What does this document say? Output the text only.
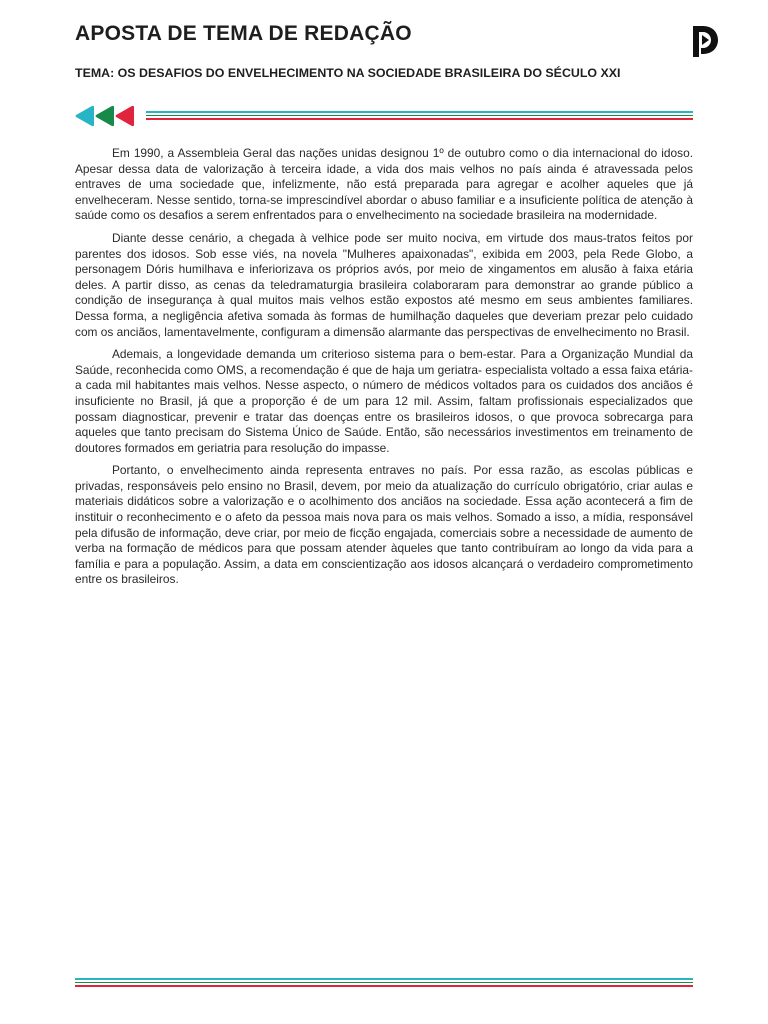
APOSTA DE TEMA DE REDAÇÃO
TEMA: OS DESAFIOS DO ENVELHECIMENTO NA SOCIEDADE BRASILEIRA DO SÉCULO XXI

Em 1990, a Assembleia Geral das nações unidas designou 1º de outubro como o dia internacional do idoso. Apesar dessa data de valorização à terceira idade, a vida dos mais velhos no país ainda é atravessada pelos entraves de uma sociedade que, infelizmente, não está preparada para agregar e acolher aqueles que já envelheceram. Nesse sentido, torna-se imprescindível abordar o abuso familiar e a insuficiente política de atenção à saúde como os desafios a serem enfrentados para o envelhecimento na sociedade brasileira na modernidade.

Diante desse cenário, a chegada à velhice pode ser muito nociva, em virtude dos maus-tratos feitos por parentes dos idosos. Sob esse viés, na novela "Mulheres apaixonadas", exibida em 2003, pela Rede Globo, a personagem Dóris humilhava e inferiorizava os próprios avós, por meio de xingamentos em alusão à faixa etária deles. A partir disso, as cenas da teledramaturgia brasileira colaboraram para demonstrar ao grande público a condição de insegurança à qual muitos mais velhos estão expostos até mesmo em seus ambientes familiares. Dessa forma, a negligência afetiva somada às formas de humilhação daqueles que deveriam prezar pelo cuidado com os anciãos, lamentavelmente, configuram a dimensão alarmante das perspectivas de envelhecimento no Brasil.

Ademais, a longevidade demanda um criterioso sistema para o bem-estar. Para a Organização Mundial da Saúde, reconhecida como OMS, a recomendação é que de haja um geriatra- especialista voltado a essa faixa etária- a cada mil habitantes mais velhos. Nesse aspecto, o número de médicos voltados para os cuidados dos anciãos é insuficiente no Brasil, já que a proporção é de um para 12 mil. Assim, faltam profissionais especializados que possam diagnosticar, prevenir e tratar das doenças entre os brasileiros idosos, o que provoca sobrecarga para aqueles que tanto precisam do Sistema Único de Saúde. Então, são necessários investimentos em treinamento de doutores formados em geriatria para resolução do impasse.

Portanto, o envelhecimento ainda representa entraves no país. Por essa razão, as escolas públicas e privadas, responsáveis pelo ensino no Brasil, devem, por meio da atualização do currículo obrigatório, criar aulas e materiais didáticos sobre a valorização e o acolhimento dos anciãos na sociedade. Essa ação acontecerá a fim de instituir o reconhecimento e o afeto da pessoa mais nova para os mais velhos. Somado a isso, a mídia, responsável pela difusão de informação, deve criar, por meio de ficção engajada, comerciais sobre a necessidade de aumento de verba na formação de médicos para que possam atender àqueles que tanto contribuíram ao longo da vida para a família e para a população. Assim, a data em conscientização aos idosos alcançará o verdadeiro comprometimento entre os brasileiros.
